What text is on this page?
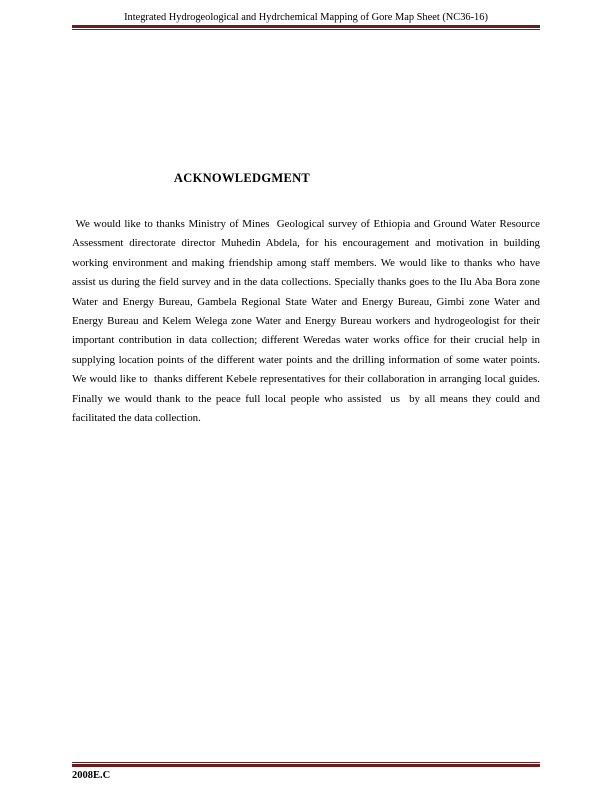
Integrated Hydrogeological and Hydrchemical Mapping of Gore Map Sheet (NC36-16)
ACKNOWLEDGMENT

We would like to thanks Ministry of Mines  Geological survey of Ethiopia and Ground Water Resource Assessment directorate director Muhedin Abdela, for his encouragement and motivation in building working environment and making friendship among staff members. We would like to thanks who have assist us during the field survey and in the data collections. Specially thanks goes to the Ilu Aba Bora zone  Water and Energy Bureau, Gambela Regional State Water and Energy Bureau, Gimbi zone Water and Energy Bureau and Kelem Welega zone Water and Energy Bureau workers and hydrogeologist for their important contribution in data collection; different Weredas water works office for their crucial help in supplying location points of the different water points and the drilling information of some water points. We would like to  thanks different Kebele representatives for their collaboration in arranging local guides.  Finally we would thank to the peace full local people who assisted  us  by all means they could and facilitated the data collection.

2008E.C
